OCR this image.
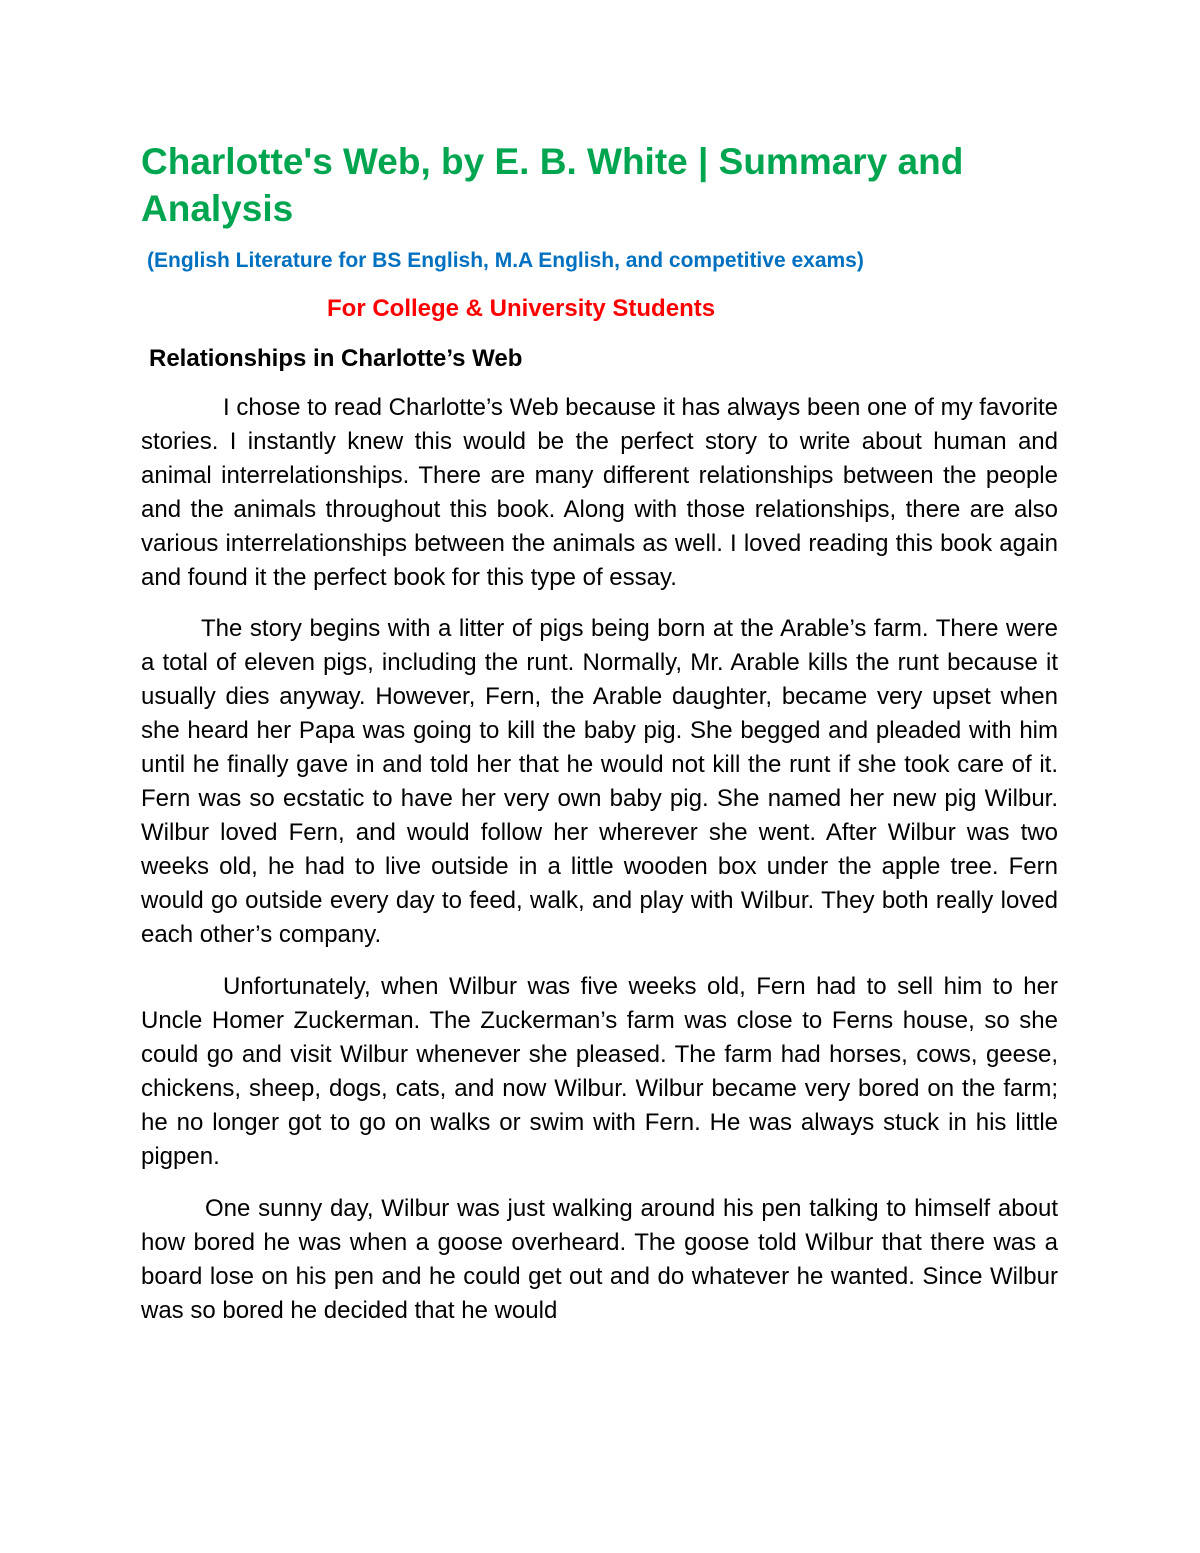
Charlotte's Web, by E. B. White | Summary and Analysis

(English Literature for BS English, M.A English, and competitive exams)

For College & University Students

Relationships in Charlotte’s Web

I chose to read Charlotte’s Web because it has always been one of my favorite stories. I instantly knew this would be the perfect story to write about human and animal interrelationships. There are many different relationships between the people and the animals throughout this book. Along with those relationships, there are also various interrelationships between the animals as well. I loved reading this book again and found it the perfect book for this type of essay.

The story begins with a litter of pigs being born at the Arable’s farm. There were a total of eleven pigs, including the runt. Normally, Mr. Arable kills the runt because it usually dies anyway. However, Fern, the Arable daughter, became very upset when she heard her Papa was going to kill the baby pig. She begged and pleaded with him until he finally gave in and told her that he would not kill the runt if she took care of it. Fern was so ecstatic to have her very own baby pig. She named her new pig Wilbur. Wilbur loved Fern, and would follow her wherever she went. After Wilbur was two weeks old, he had to live outside in a little wooden box under the apple tree. Fern would go outside every day to feed, walk, and play with Wilbur. They both really loved each other’s company.

Unfortunately, when Wilbur was five weeks old, Fern had to sell him to her Uncle Homer Zuckerman. The Zuckerman’s farm was close to Ferns house, so she could go and visit Wilbur whenever she pleased. The farm had horses, cows, geese, chickens, sheep, dogs, cats, and now Wilbur. Wilbur became very bored on the farm; he no longer got to go on walks or swim with Fern. He was always stuck in his little pigpen.

One sunny day, Wilbur was just walking around his pen talking to himself about how bored he was when a goose overheard. The goose told Wilbur that there was a board lose on his pen and he could get out and do whatever he wanted. Since Wilbur was so bored he decided that he would
